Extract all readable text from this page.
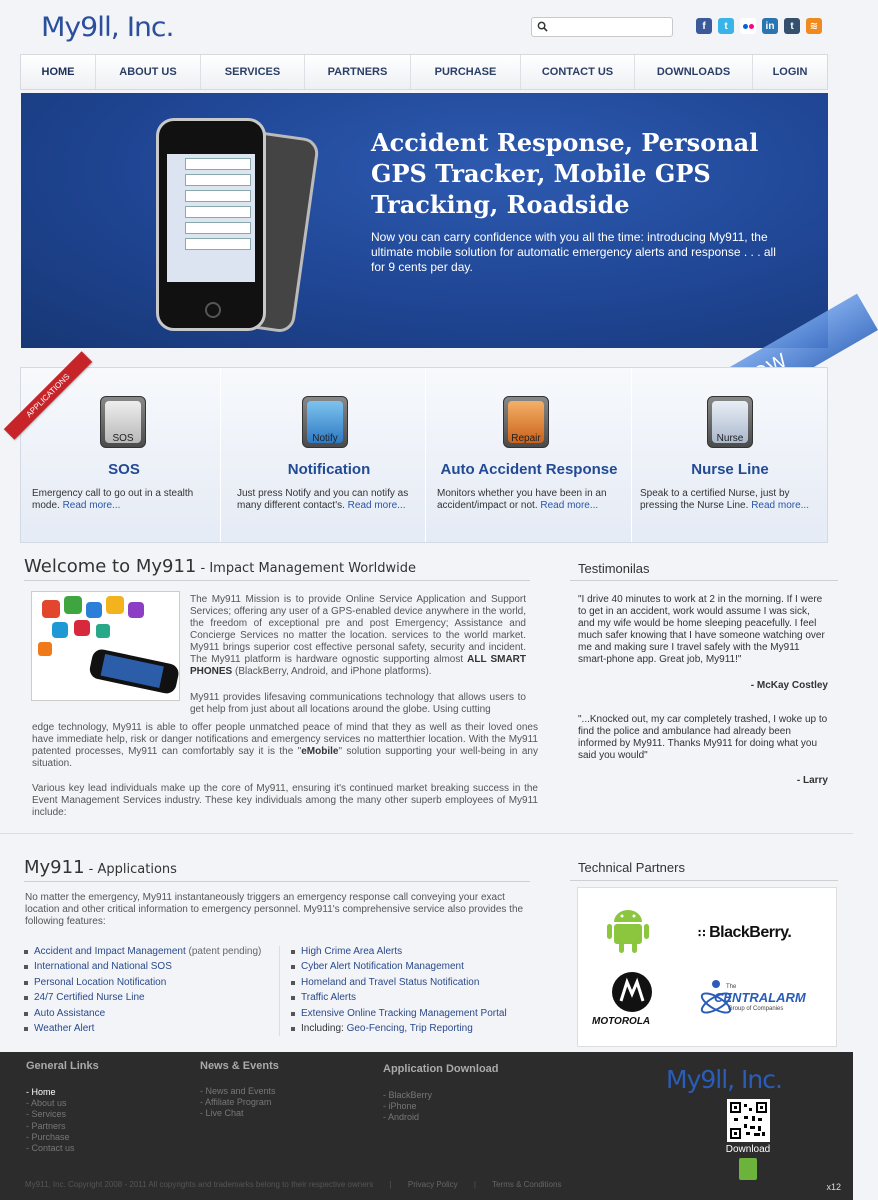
My9ll, Inc.	f	t	in	t	≋
HOME	ABOUT US	SERVICES	PARTNERS	PURCHASE	CONTACT US	DOWNLOADS	LOGIN
Accident Response, Personal GPS Tracker, Mobile GPS Tracking, Roadside

Now you can carry confidence with you all the time: introducing My911, the ultimate mobile solution for automatic emergency alerts and response . . . all for 9 cents per day.

APPLICATIONS
SOS
SOS
Emergency call to go out in a stealth mode. Read more...
Notify
Notification
Just press Notify and you can notify as many different contact's. Read more...
Repair
Auto Accident Response
Monitors whether you have been in an accident/impact or not. Read more...
Nurse
Nurse Line
Speak to a certified Nurse, just by pressing the Nurse Line. Read more...
Welcome to My911 - Impact Management Worldwide
The My911 Mission is to provide Online Service Application and Support Services; offering any user of a GPS-enabled device anywhere in the world, the freedom of exceptional pre and post Emergency; Assistance and Concierge Services no matter the location. services to the world market. My911 brings superior cost effective personal safety, security and incident. The My911 platform is hardware ognostic supporting almost ALL SMART PHONES (BlackBerry, Android, and iPhone platforms).
My911 provides lifesaving communications technology that allows users to get help from just about all locations around the globe. Using cutting
edge technology, My911 is able to offer people unmatched peace of mind that they as well as their loved ones have immediate help, risk or danger notifications and emergency services no matterthier location. With the My911 patented processes, My911 can comfortably say it is the "eMobile" solution supporting your well-being in any situation.
Various key lead individuals make up the core of My911, ensuring it's continued market breaking success in the Event Management Services industry. These key individuals among the many other superb employees of My911 include:
Testimonilas
"I drive 40 minutes to work at 2 in the morning. If I were to get in an accident, work would assume I was sick, and my wife would be home sleeping peacefully. I feel much safer knowing that I have someone watching over me and making sure I travel safely with the My911 smart-phone app. Great job, My911!"
- McKay Costley
"...Knocked out, my car completely trashed, I woke up to find the police and ambulance had already been informed by My911. Thanks My911 for doing what you said you would"
- Larry
My911 - Applications
No matter the emergency, My911 instantaneously triggers an emergency response call conveying your exact location and other critical information to emergency personnel. My911's comprehensive service also provides the following features:
Accident and Impact Management (patent pending)
International and National SOS
Personal Location Notification
24/7 Certified Nurse Line
Auto Assistance
Weather Alert
High Crime Area Alerts
Cyber Alert Notification Management
Homeland and Travel Status Notification
Traffic Alerts
Extensive Online Tracking Management Portal
Including: Geo-Fencing, Trip Reporting
Technical Partners
∷ BlackBerry.
MOTOROLA
The
CENTRALARM
Group of Companies
General Links
- Home
- About us
- Services
- Partners
- Purchase
- Contact us
News & Events
- News and Events
- Affiliate Program
- Live Chat
Application Download
- BlackBerry
- iPhone
- Android
My9ll, Inc.
Download
My911, Inc. Copyright 2008 - 2011 All copyrights and trademarks belong to their respective owners | Privacy Policy | Terms & Conditions	x12
